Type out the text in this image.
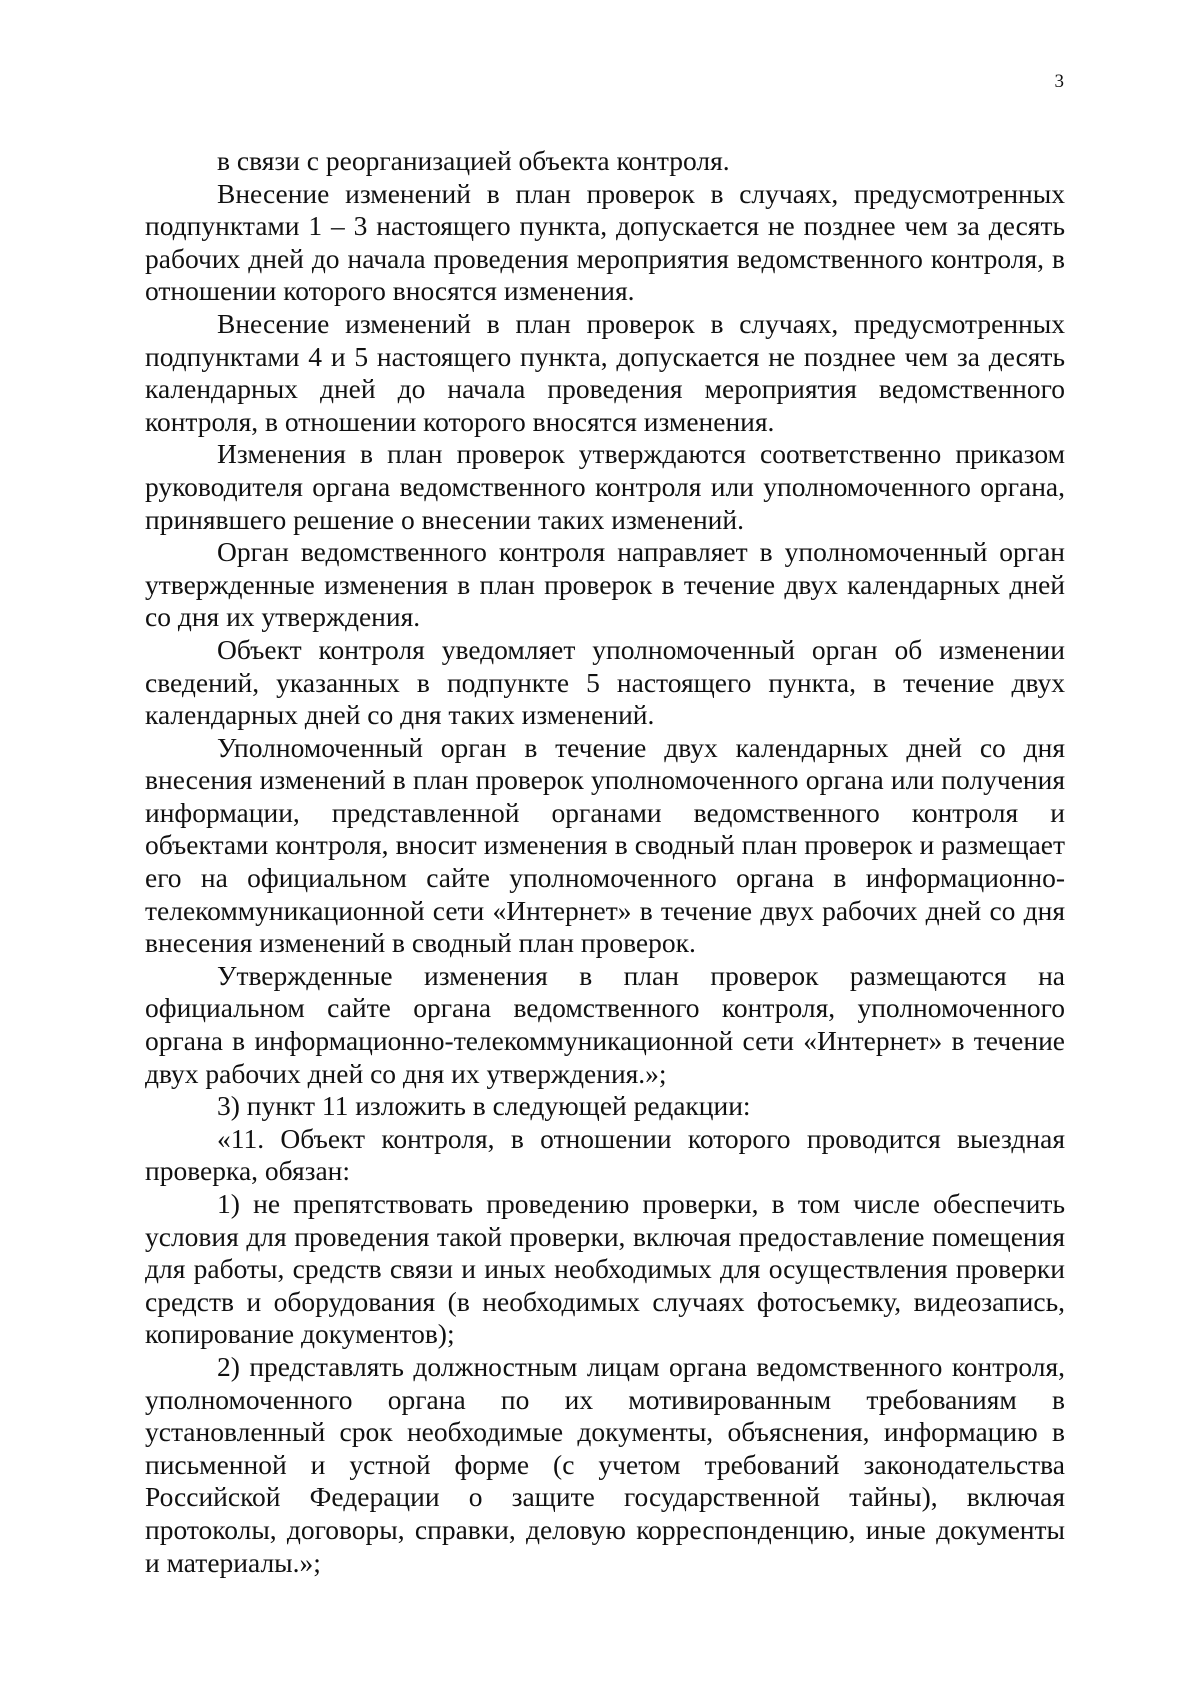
3

в связи с реорганизацией объекта контроля.

Внесение изменений в план проверок в случаях, предусмотренных подпунктами 1 – 3 настоящего пункта, допускается не позднее чем за десять рабочих дней до начала проведения мероприятия ведомственного контроля, в отношении которого вносятся изменения.

Внесение изменений в план проверок в случаях, предусмотренных подпунктами 4 и 5 настоящего пункта, допускается не позднее чем за десять календарных дней до начала проведения мероприятия ведомственного контроля, в отношении которого вносятся изменения.

Изменения в план проверок утверждаются соответственно приказом руководителя органа ведомственного контроля или уполномоченного органа, принявшего решение о внесении таких изменений.

Орган ведомственного контроля направляет в уполномоченный орган утвержденные изменения в план проверок в течение двух календарных дней со дня их утверждения.

Объект контроля уведомляет уполномоченный орган об изменении сведений, указанных в подпункте 5 настоящего пункта, в течение двух календарных дней со дня таких изменений.

Уполномоченный орган в течение двух календарных дней со дня внесения изменений в план проверок уполномоченного органа или получения информации, представленной органами ведомственного контроля и объектами контроля, вносит изменения в сводный план проверок и размещает его на официальном сайте уполномоченного органа в информационно-телекоммуникационной сети «Интернет» в течение двух рабочих дней со дня внесения изменений в сводный план проверок.

Утвержденные изменения в план проверок размещаются на официальном сайте органа ведомственного контроля, уполномоченного органа в информационно-телекоммуникационной сети «Интернет» в течение двух рабочих дней со дня их утверждения.»;

3) пункт 11 изложить в следующей редакции:

«11. Объект контроля, в отношении которого проводится выездная проверка, обязан:

1) не препятствовать проведению проверки, в том числе обеспечить условия для проведения такой проверки, включая предоставление помещения для работы, средств связи и иных необходимых для осуществления проверки средств и оборудования (в необходимых случаях фотосъемку, видеозапись, копирование документов);

2) представлять должностным лицам органа ведомственного контроля, уполномоченного органа по их мотивированным требованиям в установленный срок необходимые документы, объяснения, информацию в письменной и устной форме (с учетом требований законодательства Российской Федерации о защите государственной тайны), включая протоколы, договоры, справки, деловую корреспонденцию, иные документы и материалы.»;
